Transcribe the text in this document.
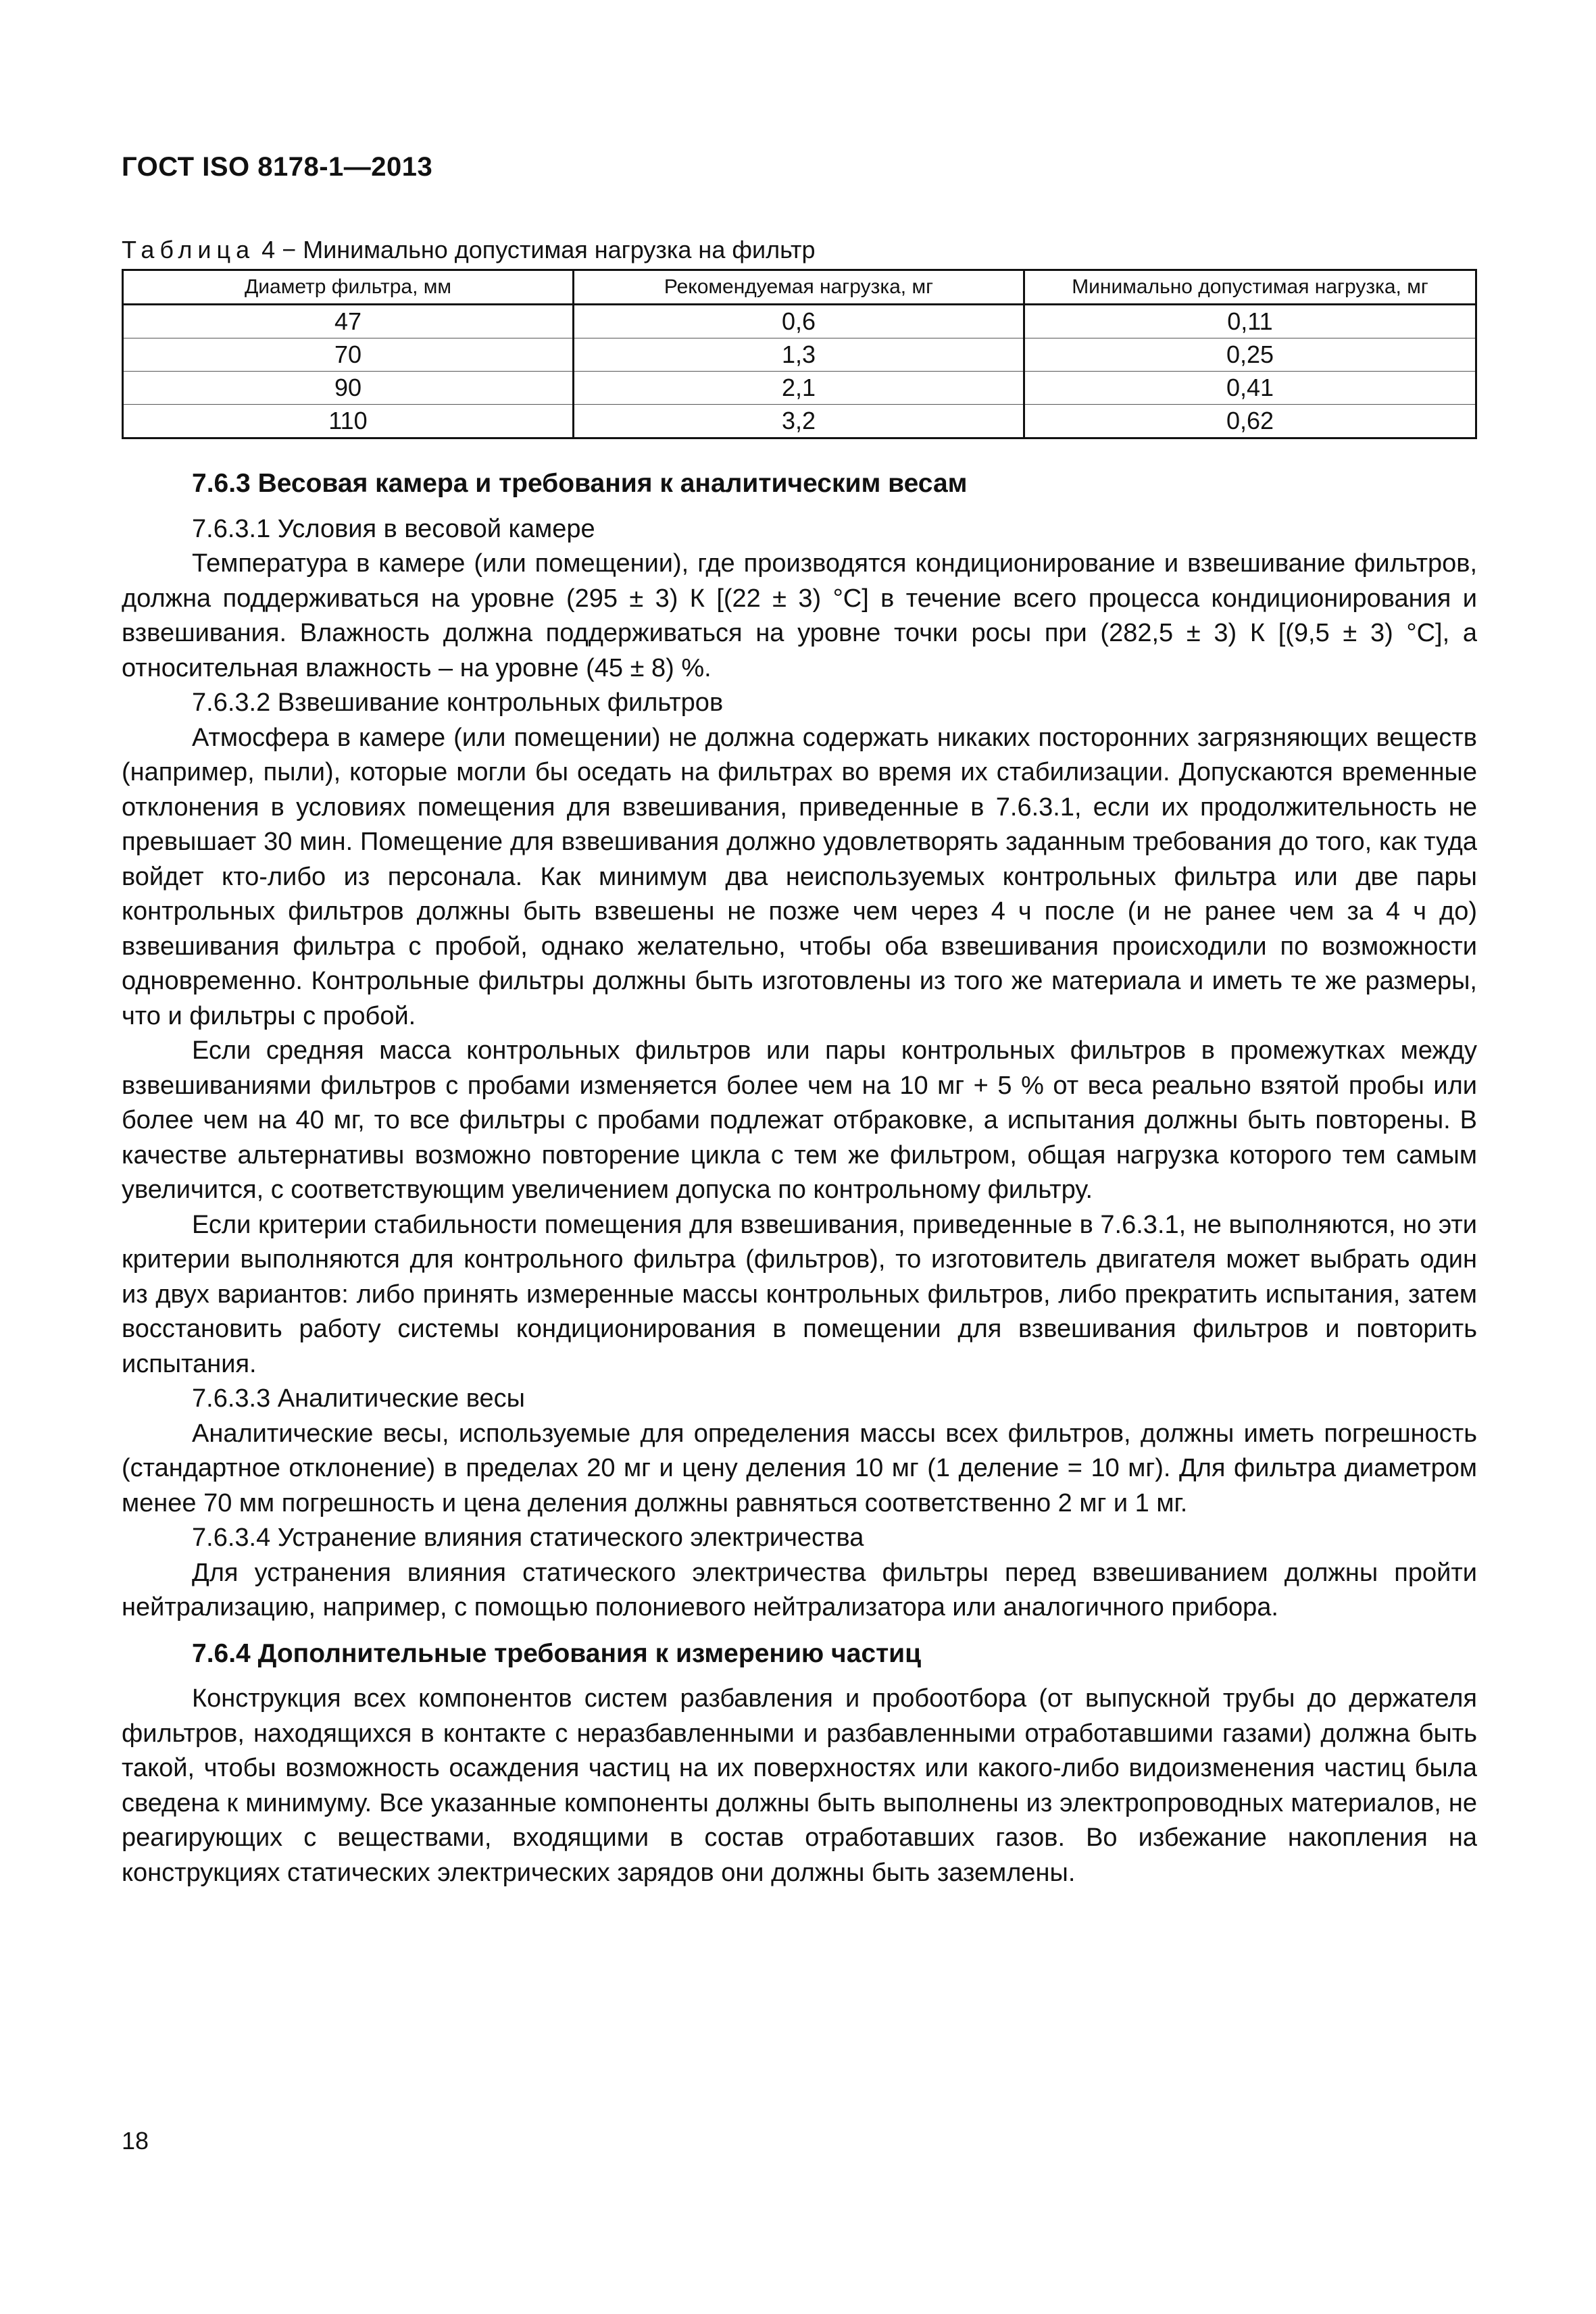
ГОСТ ISO 8178-1—2013
Таблица 4 − Минимально допустимая нагрузка на фильтр
Диаметр фильтра, мм	Рекомендуемая нагрузка, мг	Минимально допустимая нагрузка, мг
47	0,6	0,11
70	1,3	0,25
90	2,1	0,41
110	3,2	0,62

7.6.3 Весовая камера и требования к аналитическим весам

7.6.3.1 Условия в весовой камере

Температура в камере (или помещении), где производятся кондиционирование и взвешивание фильтров, должна поддерживаться на уровне (295 ± 3) К [(22 ± 3) °С] в течение всего процесса кондиционирования и взвешивания. Влажность должна поддерживаться на уровне точки росы при (282,5 ± 3) К [(9,5 ± 3) °С], а относительная влажность – на уровне (45 ± 8) %.

7.6.3.2 Взвешивание контрольных фильтров

Атмосфера в камере (или помещении) не должна содержать никаких посторонних загрязняющих веществ (например, пыли), которые могли бы оседать на фильтрах во время их стабилизации. Допускаются временные отклонения в условиях помещения для взвешивания, приведенные в 7.6.3.1, если их продолжительность не превышает 30 мин. Помещение для взвешивания должно удовлетворять заданным требования до того, как туда войдет кто-либо из персонала. Как минимум два неиспользуемых контрольных фильтра или две пары контрольных фильтров должны быть взвешены не позже чем через 4 ч после (и не ранее чем за 4 ч до) взвешивания фильтра с пробой, однако желательно, чтобы оба взвешивания происходили по возможности одновременно. Контрольные фильтры должны быть изготовлены из того же материала и иметь те же размеры, что и фильтры с пробой.

Если средняя масса контрольных фильтров или пары контрольных фильтров в промежутках между взвешиваниями фильтров с пробами изменяется более чем на 10 мг + 5 % от веса реально взятой пробы или более чем на 40 мг, то все фильтры с пробами подлежат отбраковке, а испытания должны быть повторены. В качестве альтернативы возможно повторение цикла с тем же фильтром, общая нагрузка которого тем самым увеличится, с соответствующим увеличением допуска по контрольному фильтру.

Если критерии стабильности помещения для взвешивания, приведенные в 7.6.3.1, не выполняются, но эти критерии выполняются для контрольного фильтра (фильтров), то изготовитель двигателя может выбрать один из двух вариантов: либо принять измеренные массы контрольных фильтров, либо прекратить испытания, затем восстановить работу системы кондиционирования в помещении для взвешивания фильтров и повторить испытания.

7.6.3.3 Аналитические весы

Аналитические весы, используемые для определения массы всех фильтров, должны иметь погрешность (стандартное отклонение) в пределах 20 мг и цену деления 10 мг (1 деление = 10 мг). Для фильтра диаметром менее 70 мм погрешность и цена деления должны равняться соответственно 2 мг и 1 мг.

7.6.3.4 Устранение влияния статического электричества

Для устранения влияния статического электричества фильтры перед взвешиванием должны пройти нейтрализацию, например, с помощью полониевого нейтрализатора или аналогичного прибора.

7.6.4 Дополнительные требования к измерению частиц

Конструкция всех компонентов систем разбавления и пробоотбора (от выпускной трубы до держателя фильтров, находящихся в контакте с неразбавленными и разбавленными отработавшими газами) должна быть такой, чтобы возможность осаждения частиц на их поверхностях или какого-либо видоизменения частиц была сведена к минимуму. Все указанные компоненты должны быть выполнены из электропроводных материалов, не реагирующих с веществами, входящими в состав отработавших газов. Во избежание накопления на конструкциях статических электрических зарядов они должны быть заземлены.

18
